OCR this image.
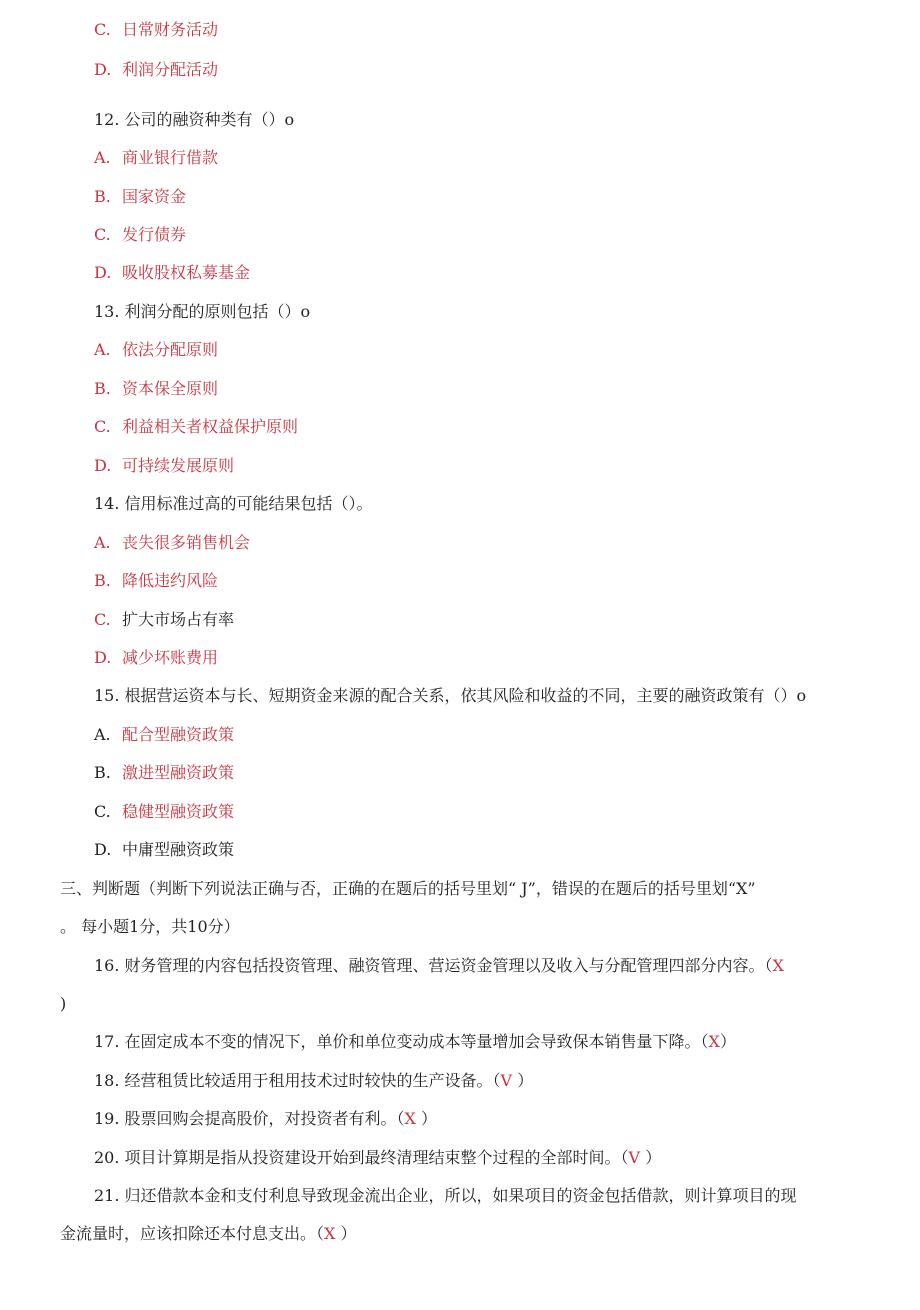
C. 日常财务活动
D. 利润分配活动
12. 公司的融资种类有（）o
A. 商业银行借款
B. 国家资金
C. 发行债券
D. 吸收股权私募基金
13. 利润分配的原则包括（）o
A. 依法分配原则
B. 资本保全原则
C. 利益相关者权益保护原则
D. 可持续发展原则
14. 信用标准过高的可能结果包括（）。
A. 丧失很多销售机会
B. 降低违约风险
C. 扩大市场占有率
D. 减少坏账费用
15. 根据营运资本与长、短期资金来源的配合关系，依其风险和收益的不同，主要的融资政策有（）o
A. 配合型融资政策
B. 激进型融资政策
C. 稳健型融资政策
D. 中庸型融资政策
三、判断题（判断下列说法正确与否，正确的在题后的括号里划“ J”，错误的在题后的括号里划“X”
。 每小题1分，共10分）
16. 财务管理的内容包括投资管理、融资管理、营运资金管理以及收入与分配管理四部分内容。（X
)
17. 在固定成本不变的情况下，单价和单位变动成本等量增加会导致保本销售量下降。（X）
18. 经营租赁比较适用于租用技术过时较快的生产设备。（V ）
19. 股票回购会提高股价，对投资者有利。（X ）
20. 项目计算期是指从投资建设开始到最终清理结束整个过程的全部时间。（V ）
21. 归还借款本金和支付利息导致现金流出企业，所以，如果项目的资金包括借款，则计算项目的现
金流量时，应该扣除还本付息支出。（X ）
